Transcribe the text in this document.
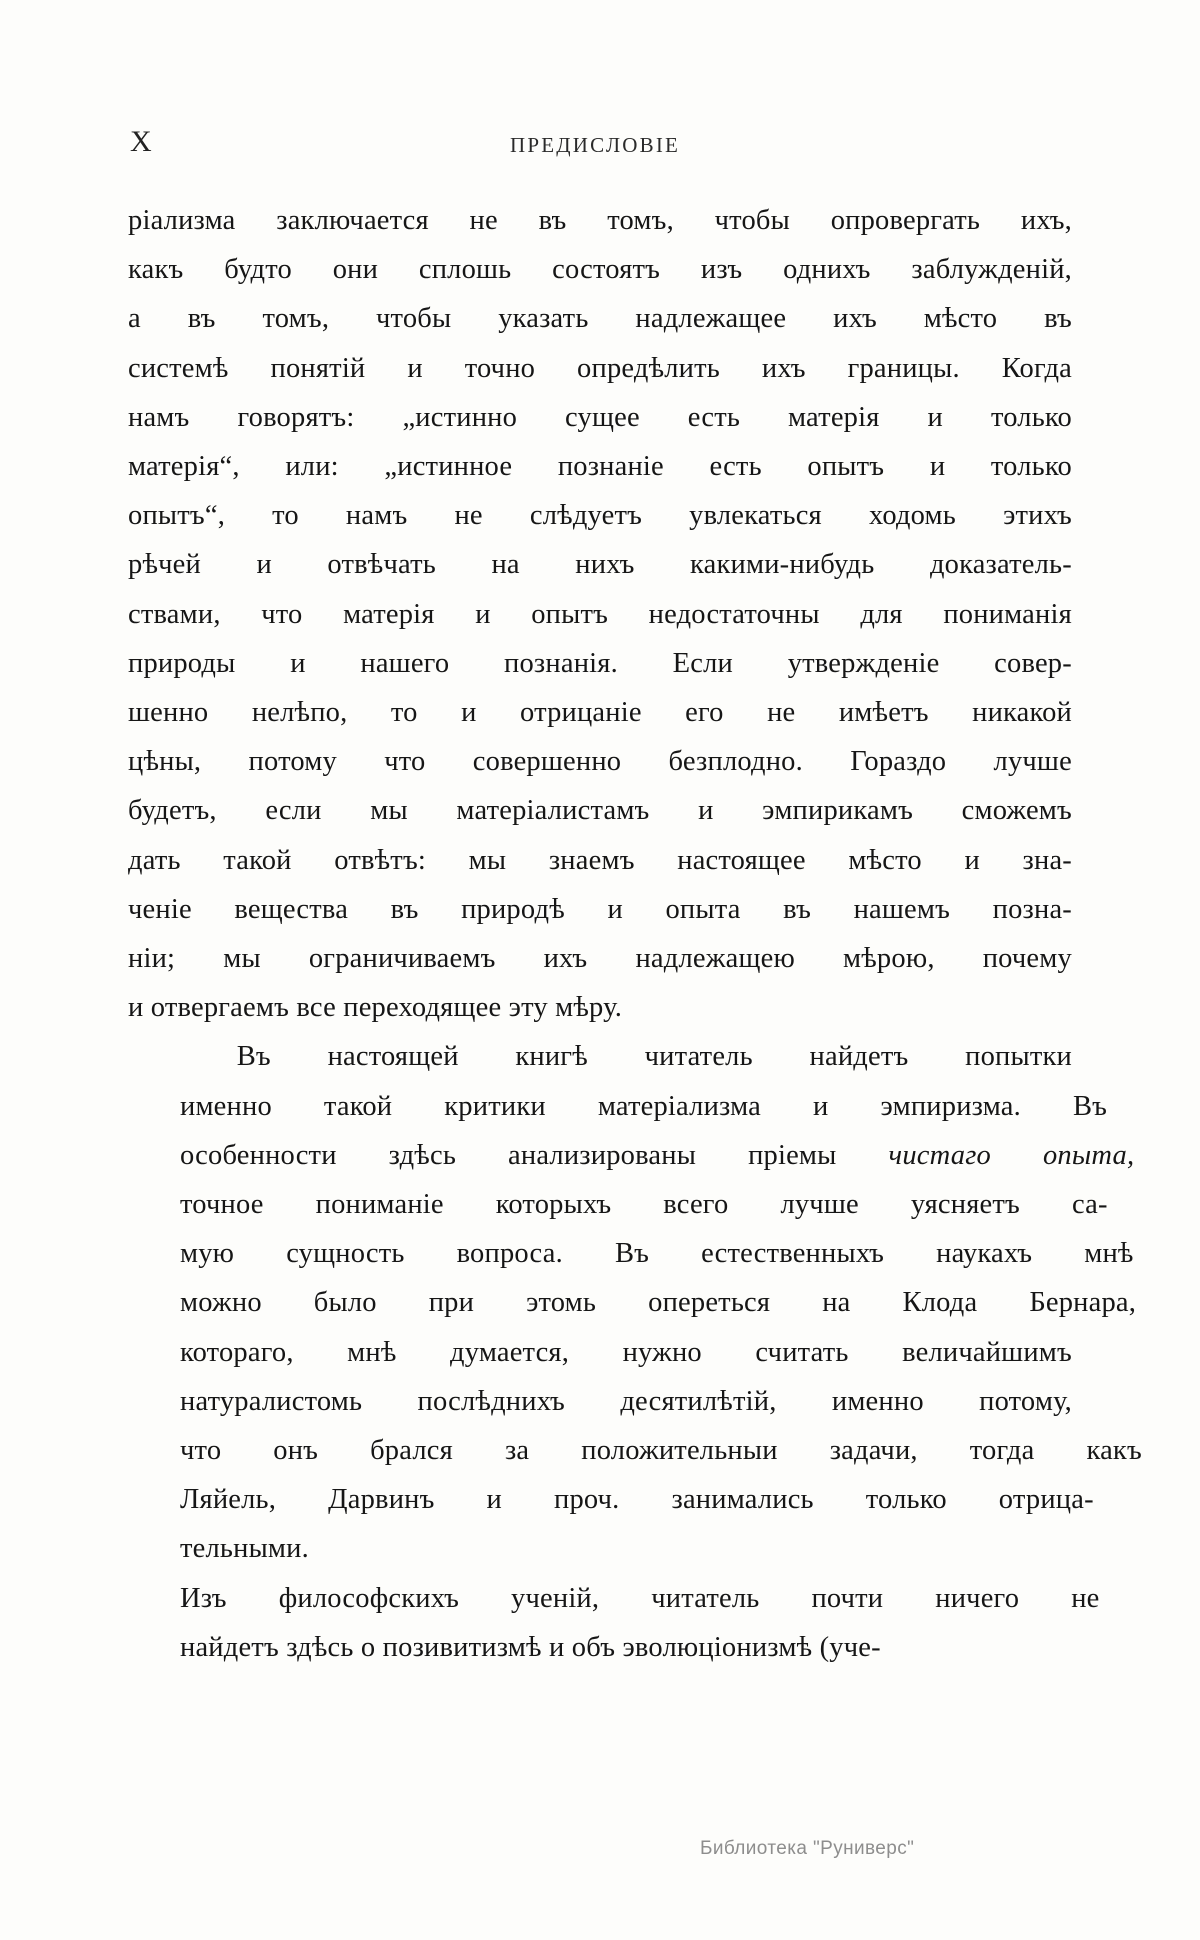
X	ПРЕДИСЛОВІЕ

ріализма заключается не въ томъ, чтобы опровергать ихъ,
какъ будто они сплошь состоятъ изъ однихъ заблужденій,
а въ томъ, чтобы указать надлежащее ихъ мѣсто въ
системѣ понятій и точно опредѣлить ихъ границы. Когда
намъ говорятъ: „истинно сущее есть матерія и только
матерія“, или: „истинное познаніе есть опытъ и только
опытъ“, то намъ не слѣдуетъ увлекаться ходомь этихъ
рѣчей и отвѣчать на нихъ какими-нибудь доказатель-
ствами, что матерія и опытъ недостаточны для пониманія
природы и нашего познанія. Если утвержденіе совер-
шенно нелѣпо, то и отрицаніе его не имѣетъ никакой
цѣны, потому что совершенно безплодно. Гораздо лучше
будетъ, если мы матеріалистамъ и эмпирикамъ сможемъ
дать такой отвѣтъ: мы знаемъ настоящее мѣсто и зна-
ченіе вещества въ природѣ и опыта въ нашемъ позна-
ніи; мы ограничиваемъ ихъ надлежащею мѣрою, почему
и отвергаемъ все переходящее эту мѣру.

Въ	настоящей	книгѣ	читатель	найдетъ	попытки
именно	такой	критики	матеріализма	и	эмпиризма.	Въ
особенности	здѣсь	анализированы	пріемы	чистаго	опыта,
точное	пониманіе	которыхъ	всего	лучше	уясняетъ	са-
мую	сущность	вопроса.	Въ	естественныхъ	наукахъ	мнѣ
можно	было	при	этомь	опереться	на	Клода	Бернара,
котораго,	мнѣ	думается,	нужно	считать	величайшимъ
натуралистомь	послѣднихъ	десятилѣтій,	именно	потому,
что	онъ	брался	за	положительныи	задачи,	тогда	какъ
Ляйель,	Дарвинъ	и	проч.	занимались	только	отрица-
тельными.

Изъ	философскихъ	ученій,	читатель	почти	ничего	не
найдетъ здѣсь о позивитизмѣ и объ эволюціонизмѣ (уче-

Библиотека "Руниверс"
